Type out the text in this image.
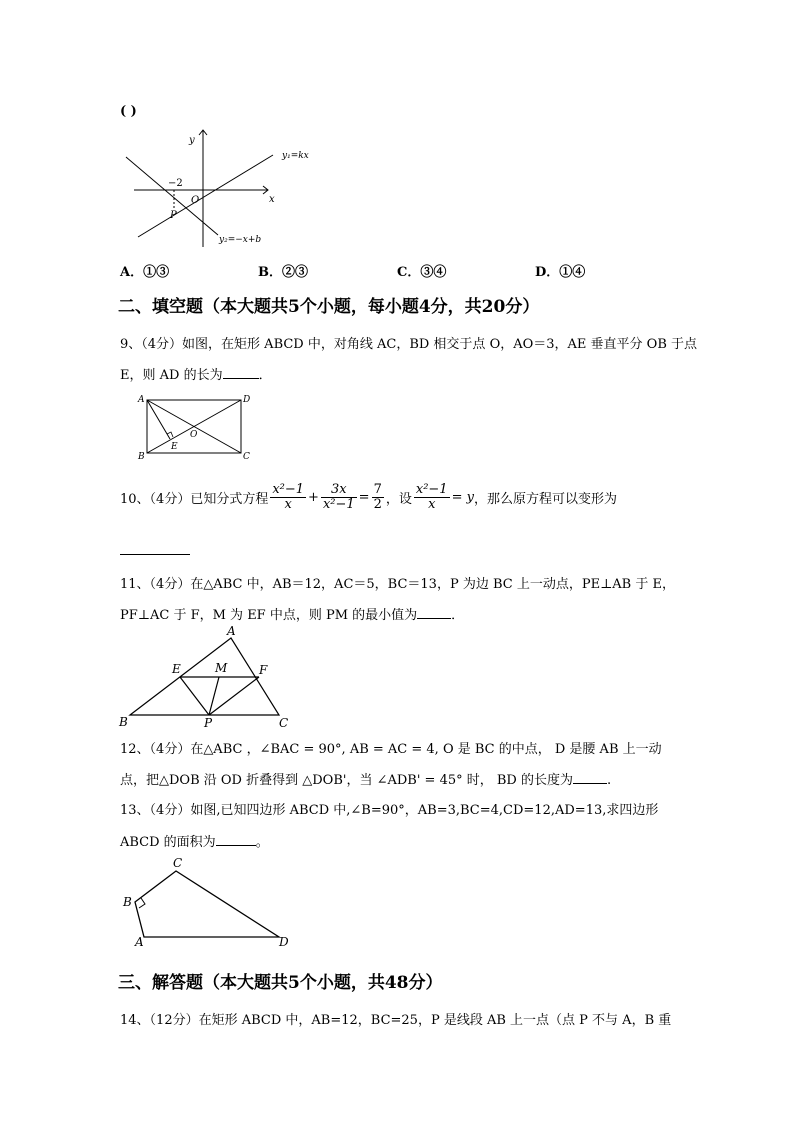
( )
y
x
y₁=kx
y₂=−x+b
−2
O
P
A．①③	B．②③	C．③④	D．①④
二、填空题（本大题共5个小题，每小题4分，共20分）
9、（4分）如图，在矩形 ABCD 中，对角线 AC，BD 相交于点 O，AO＝3，AE 垂直平分 OB 于点
E，则 AD 的长为	．
A
B	C
D
E
O
10、（4分）已知分式方程 $\frac{\text{x²−1}}{x} + \frac{3x}{\text{x²−1}} = \frac{7}{2}$ ，设 $\frac{\text{x²−1}}{x} = y$ ，那么原方程可以变形为
11、（4分）在△ABC 中，AB＝12，AC＝5，BC＝13，P 为边 BC 上一动点，PE⊥AB 于 E，
PF⊥AC 于 F，M 为 EF 中点，则 PM 的最小值为	．
A
B	C
E	F
M
P
12、（4分）在△ABC ，∠BAC = 90°, AB = AC = 4, O 是 BC 的中点， D 是腰 AB 上一动
点，把△DOB 沿 OD 折叠得到 △DOB'，当 ∠ADB' = 45° 时， BD 的长度为	.
13、（4分）如图,已知四边形 ABCD 中,∠B=90°，AB=3,BC=4,CD=12,AD=13,求四边形
ABCD 的面积为	。
C
B
A	D
三、解答题（本大题共5个小题，共48分）
14、（12分）在矩形 ABCD 中，AB=12，BC=25，P 是线段 AB 上一点（点 P 不与 A，B 重
